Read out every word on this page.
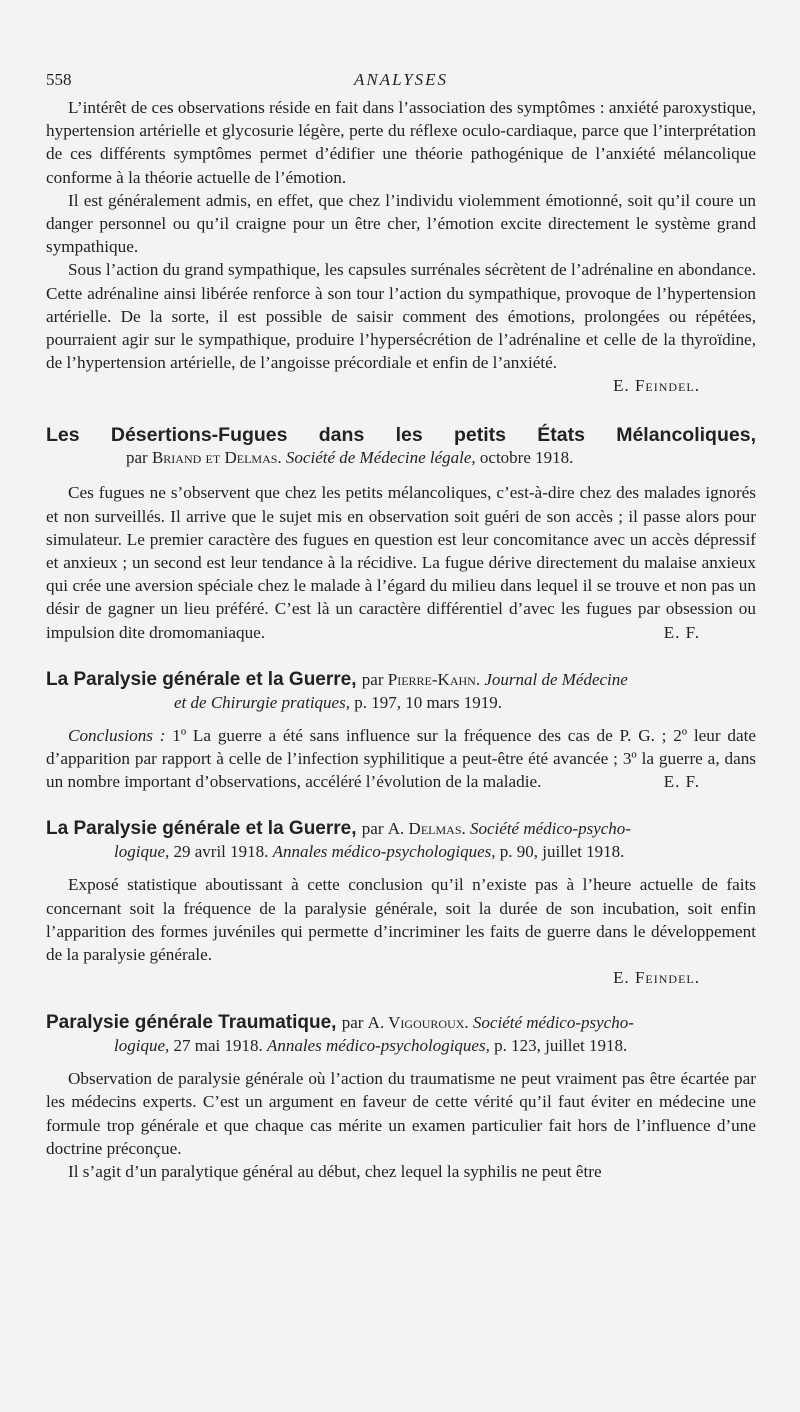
558	ANALYSES

L’intérêt de ces observations réside en fait dans l’association des symptômes : anxiété paroxystique, hypertension artérielle et glycosurie légère, perte du réflexe oculo-cardiaque, parce que l’interprétation de ces différents symptômes permet d’édifier une théorie pathogénique de l’anxiété mélancolique conforme à la théorie actuelle de l’émotion.

Il est généralement admis, en effet, que chez l’individu violemment émotionné, soit qu’il coure un danger personnel ou qu’il craigne pour un être cher, l’émotion excite directement le système grand sympathique.

Sous l’action du grand sympathique, les capsules surrénales sécrètent de l’adrénaline en abondance. Cette adrénaline ainsi libérée renforce à son tour l’action du sympathique, provoque de l’hypertension artérielle. De la sorte, il est possible de saisir comment des émotions, prolongées ou répétées, pourraient agir sur le sympathique, produire l’hypersécrétion de l’adrénaline et celle de la thyroïdine, de l’hypertension artérielle, de l’angoisse précordiale et enfin de l’anxiété.

E. Feindel.

Les Désertions-Fugues dans les petits États Mélancoliques,

par Briand et Delmas. Société de Médecine légale, octobre 1918.

Ces fugues ne s’observent que chez les petits mélancoliques, c’est-à-dire chez des malades ignorés et non surveillés. Il arrive que le sujet mis en observation soit guéri de son accès ; il passe alors pour simulateur. Le premier caractère des fugues en question est leur concomitance avec un accès dépressif et anxieux ; un second est leur tendance à la récidive. La fugue dérive directement du malaise anxieux qui crée une aversion spéciale chez le malade à l’égard du milieu dans lequel il se trouve et non pas un désir de gagner un lieu préféré. C’est là un caractère différentiel d’avec les fugues par obsession ou impulsion dite dromomaniaque.	E. F.

La Paralysie générale et la Guerre, par Pierre-Kahn. Journal de Médecine

et de Chirurgie pratiques, p. 197, 10 mars 1919.

Conclusions : 1º La guerre a été sans influence sur la fréquence des cas de P. G. ; 2º leur date d’apparition par rapport à celle de l’infection syphilitique a peut-être été avancée ; 3º la guerre a, dans un nombre important d’observations, accéléré l’évolution de la maladie.	E. F.

La Paralysie générale et la Guerre, par A. Delmas. Société médico-psycho-

logique, 29 avril 1918. Annales médico-psychologiques, p. 90, juillet 1918.

Exposé statistique aboutissant à cette conclusion qu’il n’existe pas à l’heure actuelle de faits concernant soit la fréquence de la paralysie générale, soit la durée de son incubation, soit enfin l’apparition des formes juvéniles qui permette d’incriminer les faits de guerre dans le développement de la paralysie générale.

E. Feindel.

Paralysie générale Traumatique, par A. Vigouroux. Société médico-psycho-

logique, 27 mai 1918. Annales médico-psychologiques, p. 123, juillet 1918.

Observation de paralysie générale où l’action du traumatisme ne peut vraiment pas être écartée par les médecins experts. C’est un argument en faveur de cette vérité qu’il faut éviter en médecine une formule trop générale et que chaque cas mérite un examen particulier fait hors de l’influence d’une doctrine préconçue.

Il s’agit d’un paralytique général au début, chez lequel la syphilis ne peut être
